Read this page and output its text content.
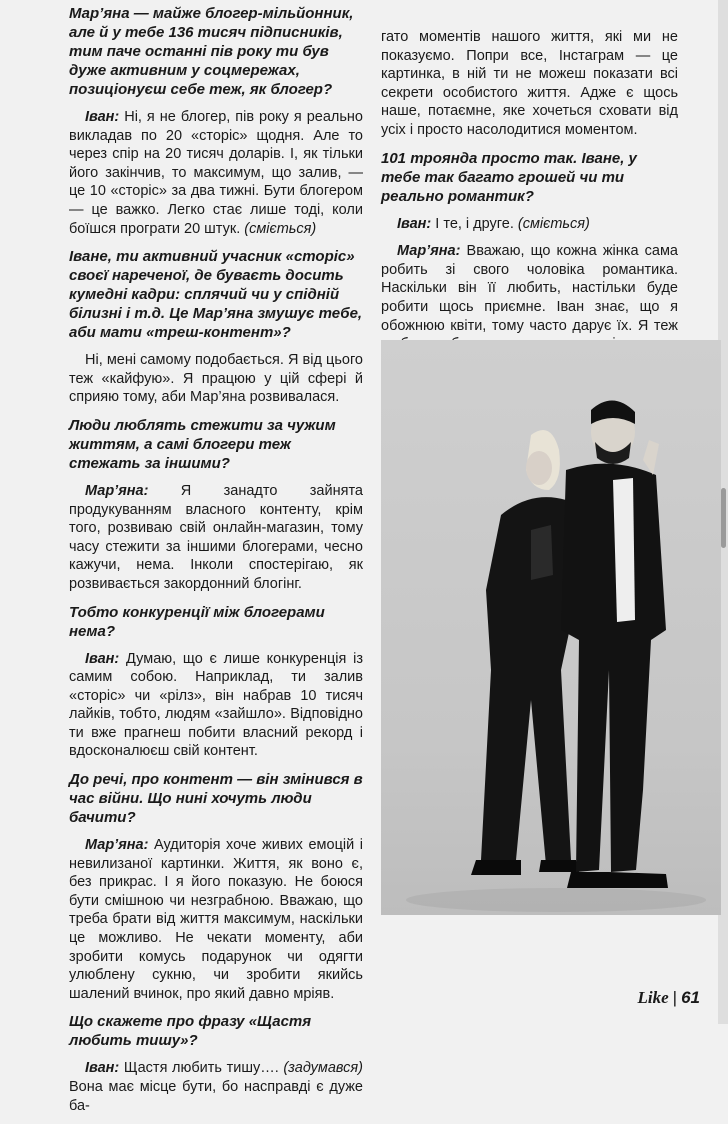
Мар’яна — майже блогер-мільйонник, але й у тебе 136 тисяч підписників, тим паче останні пів року ти був дуже активним у соцмережах, позиціонуєш себе теж, як блогер?

Іван: Ні, я не блогер, пів року я реально викладав по 20 «сторіс» щодня. Але то через спір на 20 тисяч доларів. І, як тільки його закінчив, то максимум, що залив, — це 10 «сторіс» за два тижні. Бути блогером — це важко. Легко стає лише тоді, коли боїшся програти 20 штук. (сміється)

Іване, ти активний учасник «сторіс» своєї нареченої, де буваєть досить кумедні кадри: сплячий чи у спідній білизні і т.д. Це Мар’яна змушує тебе, аби мати «треш-контент»?

Ні, мені самому подобається. Я від цього теж «кайфую». Я працюю у цій сфері й сприяю тому, аби Мар’яна розвивалася.

Люди люблять стежити за чужим життям, а самі блогери теж стежать за іншими?

Мар’яна: Я занадто зайнята продукуванням власного контенту, крім того, розвиваю свій онлайн-магазин, тому часу стежити за іншими блогерами, чесно кажучи, нема. Інколи спостерігаю, як розвивається закордонний блогінг.

Тобто конкуренції між блогерами нема?

Іван: Думаю, що є лише конкуренція із самим собою. Наприклад, ти залив «сторіс» чи «рілз», він набрав 10 тисяч лайків, тобто, людям «зайшло». Відповідно ти вже прагнеш побити власний рекорд і вдосконалюєш свій контент.

До речі, про контент — він змінився в час війни. Що нині хочуть люди бачити?

Мар’яна: Аудиторія хоче живих емоцій і невилизаної картинки. Життя, як воно є, без прикрас. І я його показую. Не боюся бути смішною чи незграбною. Вважаю, що треба брати від життя максимум, наскільки це можливо. Не чекати моменту, аби зробити комусь подарунок чи одягти улюблену сукню, чи зробити якийсь шалений вчинок, про який давно мріяв.

Що скажете про фразу «Щастя любить тишу»?

Іван: Щастя любить тишу…. (задумався) Вона має місце бути, бо насправді є дуже ба-

гато моментів нашого життя, які ми не показуємо. Попри все, Інстаграм — це картинка, в ній ти не можеш показати всі секрети особистого життя. Адже є щось наше, потаємне, яке хочеться сховати від усіх і просто насолодитися моментом.

101 троянда просто так. Іване, у тебе так багато грошей чи ти реально романтик?

Іван: І те, і друге. (сміється)

Мар’яна: Вважаю, що кожна жінка сама робить зі свого чоловіка романтика. Наскільки він її любить, настільки буде робити щось приємне. Іван знає, що я обожнюю квіти, тому часто дарує їх. Я теж

Like | 61
